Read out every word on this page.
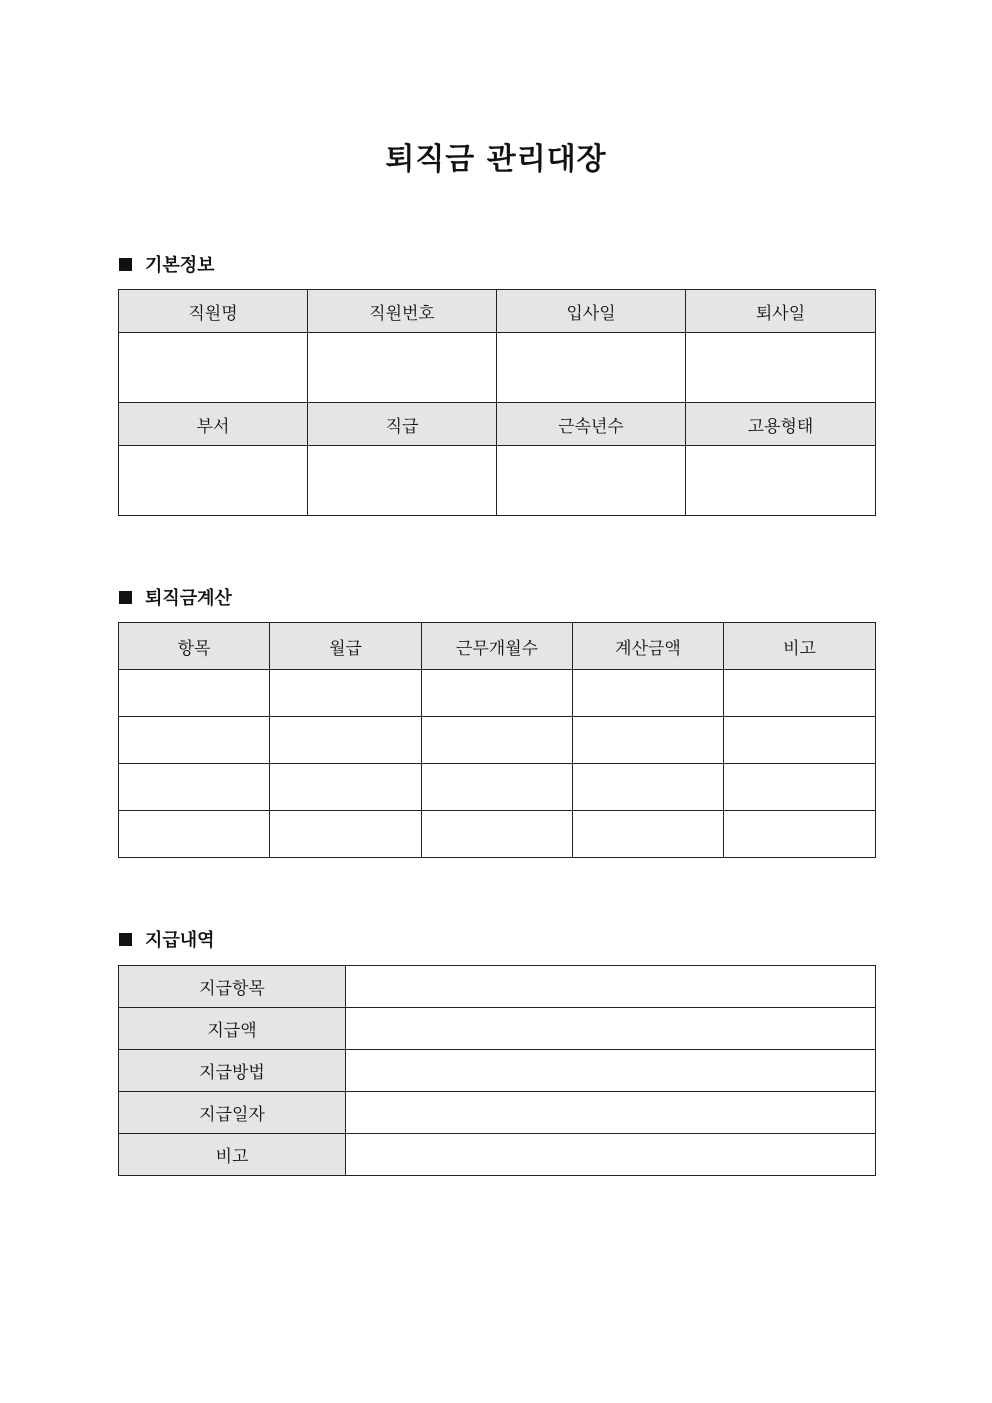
퇴직금 관리대장
기본정보
직원명	직원번호	입사일	퇴사일

부서	직급	근속년수	고용형태

퇴직금계산
항목	월급	근무개월수	계산금액	비고

지급내역
지급항목	
지급액	
지급방법	
지급일자	
비고	
